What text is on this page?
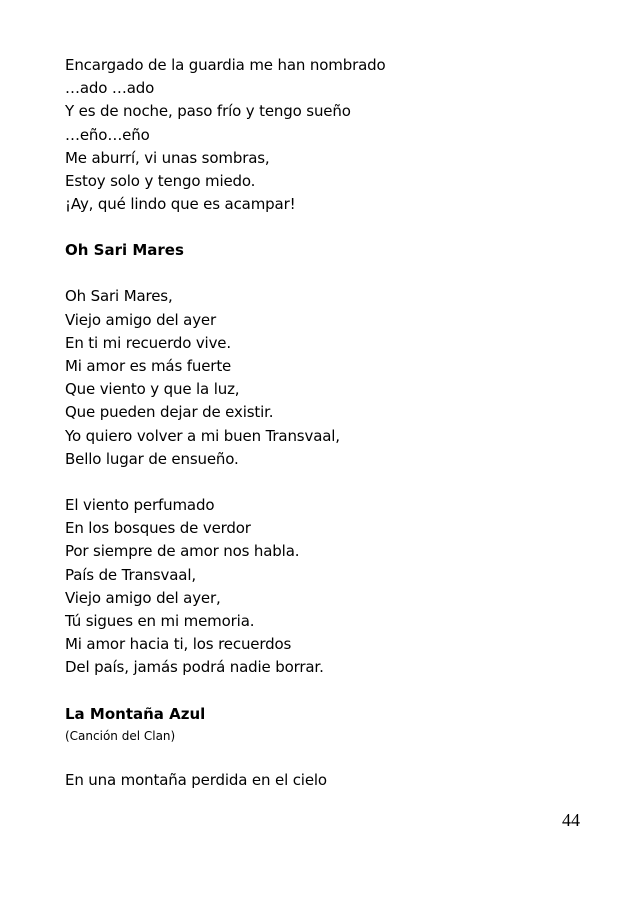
Encargado de la guardia me han nombrado
…ado …ado
Y es de noche, paso frío y tengo sueño
…eño…eño
Me aburrí, vi unas sombras,
Estoy solo y tengo miedo.
¡Ay, qué lindo que es acampar!
Oh Sari Mares
Oh Sari Mares,
Viejo amigo del ayer
En ti mi recuerdo vive.
Mi amor es más fuerte
Que viento y que la luz,
Que pueden dejar de existir.
Yo quiero volver a mi buen Transvaal,
Bello lugar de ensueño.
El viento perfumado
En los bosques de verdor
Por siempre de amor nos habla.
País de Transvaal,
Viejo amigo del ayer,
Tú sigues en mi memoria.
Mi amor hacia ti, los recuerdos
Del país, jamás podrá nadie borrar.
La Montaña Azul
(Canción del Clan)
En una montaña perdida en el cielo
44
